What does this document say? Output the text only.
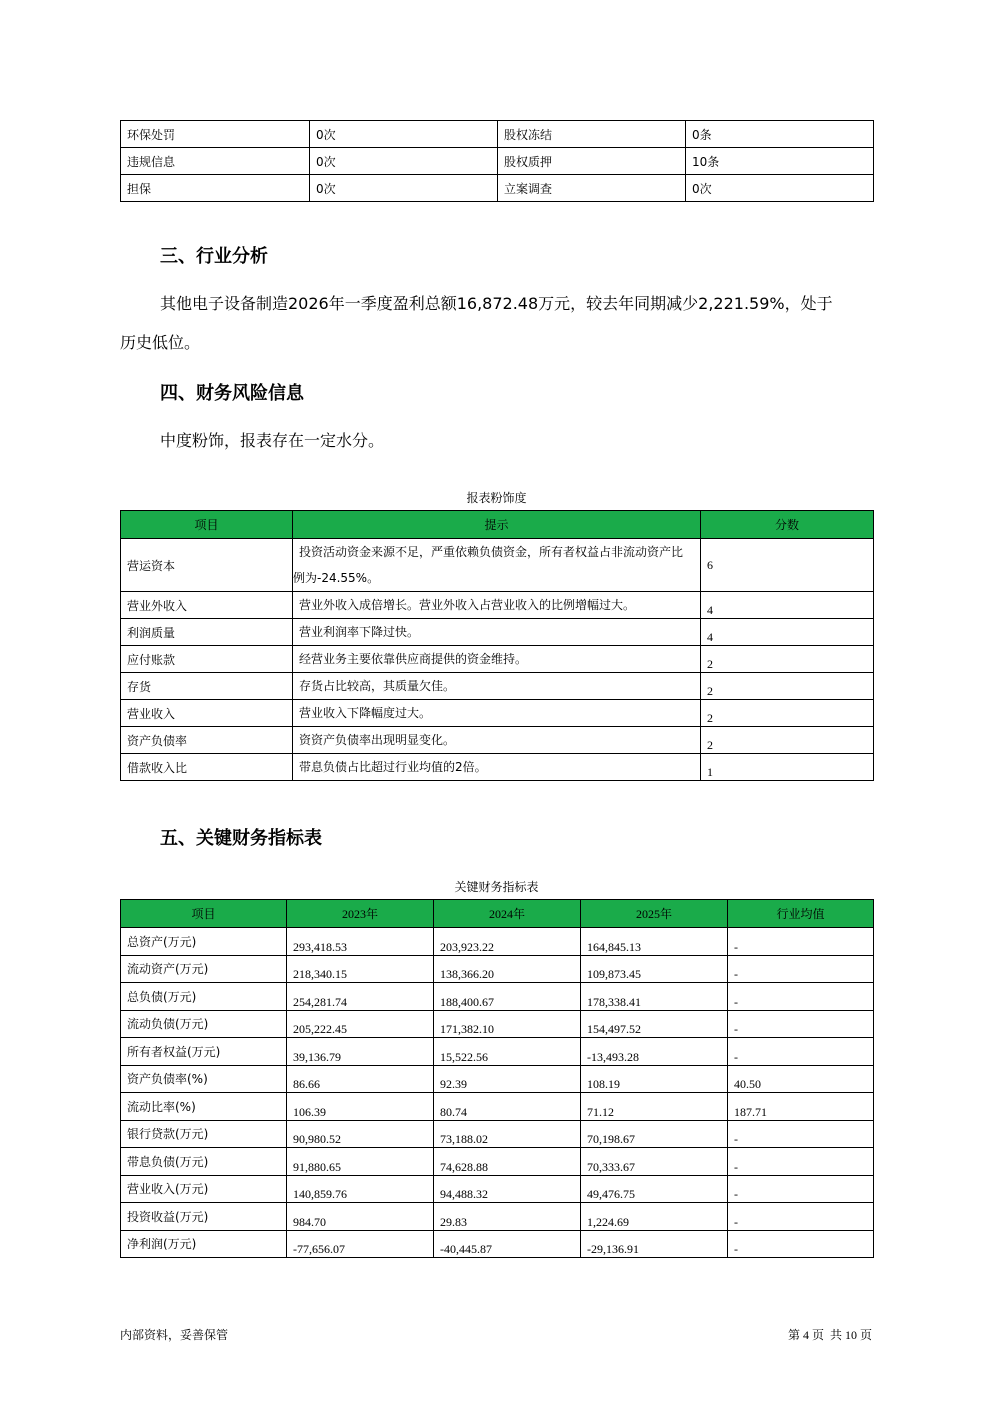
环保处罚	0次	股权冻结	0条
违规信息	0次	股权质押	10条
担保	0次	立案调查	0次
三、行业分析
其他电子设备制造2026年一季度盈利总额16,872.48万元，较去年同期减少2,221.59%，处于
历史低位。
四、财务风险信息
中度粉饰，报表存在一定水分。
报表粉饰度
项目	提示	分数
营运资本	投资活动资金来源不足，严重依赖负债资金，所有者权益占非流动资产比例为-24.55%。	6
营业外收入	营业外收入成倍增长。营业外收入占营业收入的比例增幅过大。	4
利润质量	营业利润率下降过快。	4
应付账款	经营业务主要依靠供应商提供的资金维持。	2
存货	存货占比较高，其质量欠佳。	2
营业收入	营业收入下降幅度过大。	2
资产负债率	资资产负债率出现明显变化。	2
借款收入比	带息负债占比超过行业均值的2倍。	1
五、关键财务指标表
关键财务指标表
项目	2023年	2024年	2025年	行业均值
总资产(万元)	293,418.53	203,923.22	164,845.13	-
流动资产(万元)	218,340.15	138,366.20	109,873.45	-
总负债(万元)	254,281.74	188,400.67	178,338.41	-
流动负债(万元)	205,222.45	171,382.10	154,497.52	-
所有者权益(万元)	39,136.79	15,522.56	-13,493.28	-
资产负债率(%)	86.66	92.39	108.19	40.50
流动比率(%)	106.39	80.74	71.12	187.71
银行贷款(万元)	90,980.52	73,188.02	70,198.67	-
带息负债(万元)	91,880.65	74,628.88	70,333.67	-
营业收入(万元)	140,859.76	94,488.32	49,476.75	-
投资收益(万元)	984.70	29.83	1,224.69	-
净利润(万元)	-77,656.07	-40,445.87	-29,136.91	-
内部资料，妥善保管	第 4 页  共 10 页
